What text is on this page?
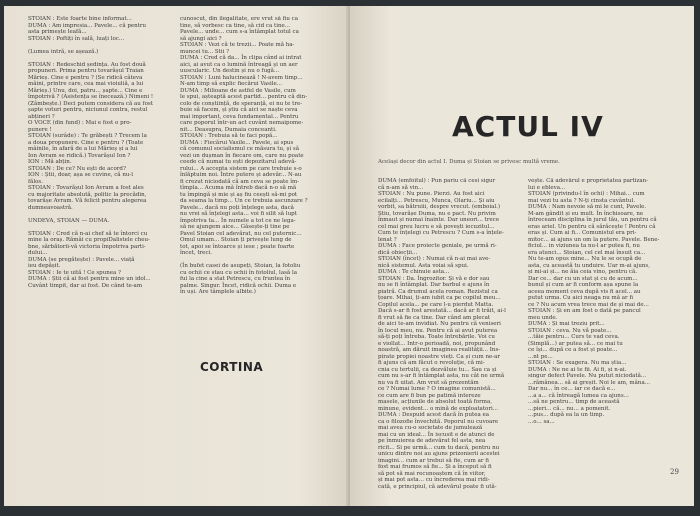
STOIAN : Este foarte bine informat...
DUMA : Am impresia... Pavele... că pentru
asta primește leafă...
STOIAN : Poftiți în sală, luați loc...
(Lumea intră, se așează.)
STOIAN : Redeschid ședința. Au fost două
propuneri. Prima pentru tovarășul Traian
Mărieș. Cine e pentru ? (Se ridică câteva
mâini, printre care, cea mai vioiuliă, a lui
Mărieș.) Unu, doi, patru... șapte... Cine e
împotrivă ? (Asistența se înecează.) Nimeni !
(Zâmbește.) Deci putem considera că au fost
șapte voturi pentru, niciunul contra, restul
abțineri ?
O VOCE (din fund) : Mai e fost o pro-
punere !
STOIAN (surâde) : Te grăbești ? Trecem la
a doua propunere. Cine e pentru ? (Toate
mâinile, în afară de a lui Mărieș și a lui
Ion Avram se ridică.) Tovarășul Ion ?
ION : Mă abțin.
STOIAN : De ce? Nu ești de acord?
ION : Știi, doar, așa se cuvine, că nu-l
fălos.
STOIAN : Tovarășul Ion Avram a fost ales
cu majoritate absolută, politic la precădin,
tovarășe Avram. Vă felicit pentru alegerea
dumneavoastră.
UNDEVA, STOIAN — DUMA.
STOIAN : Cred că n-ai chef să te întorci cu
mine la oraș. Rămâi cu propiDalistele cheu-
bne, sărbătorii-vă victoria împotriva parti-
dului...
DUMA (se pregătește) : Pavele... viață
ieu depășit.
STOIAN : Ie te uită ! Ce spunea ?
DUMA : Știi că ai fost pentru mine un idol...
Cuvânt timpit, dar ai fost. De când te-am
cunoscut, din ilegalitate, ere vrut să fiu ca
tine, să vorbesc ca tine, să cid ca tine...
Pavele... unde... cum s-a întâmplat totul ca
să ajungi aici ?
STOIAN : Vezi că te trezii... Poate mă ha-
muncei tu... Stii ?
DUMA : Cred că da... În clipa când ai intrat
aici, ai avut ca o lumină întreagă și un aer
uuscularic. Un destin și nu o fugă...
STOIAN : Luni halucinează ! N-avem timp...
N-am timp să explic fiecărui Vasile...
DUMA : Milioane de astfel de Vasile, cum
le spui, așteaptă acest partid... pentru că din-
colo de conștiință, de speranță, ei nu te tre-
buie să facem, și știu că aici se naște ceva
mai important, ceva fundamental... Pentru
care poporul într-un act cuvânt nemaipome-
nit... Deasupra, Dumaia conceanti.
STOIAN : Trebuia să te faci popă...
DUMA : Fiecărui Vasile... Pavele, ai spus
că comunul socialismul ce măsura tu, și să
vezi un dușman în fiecare om, care nu poate
ceede că numai tu ești depozitarul adevă-
rului... A accepta sistem pe care trebuie s-o
înlăptuim noi. Între putere și adevăr... N-au
fi crezut niciodată că am ceva se poate îm-
tîmpla... Acuma mă întreb dacă n-o să mă
tu împingă și mie și aș fiu ceești să-mi pot
da seama la timp... Un ce trebuia ascunzare ?
Pavele... dacă nu poți înțelege asta, dacă
nu vrei să înțelegi asta... voi fi silit să lupt
împotriva ta... În numele a tot ce ne lega-
să ne ajungem aice... Găsește-ți tine pe
Pavel Stoian cel adevărat, nu cel puternic...
Omul umam... Stoian ți privește lung de
tot, apoi se întoarce și iese ; poate foarte
încet, treci.
(În bufet casei de asupeți, Stoian, la fotoliu
cu ochii ce stau cu ochii în fotoliul, lasă la
fui la cine a stat Petrescu, cu fruntea în
palme. Singur. Încet, ridică ochii. Duma e
în uși. Are tâmplele albite.)
CORTINA
ACTUL IV
Același decor din actul I. Duma și Stoian se privesc multă vreme.
DUMA (emfoîtul) : Pun pariu că cesi sigur
că n-am să vin...
STOIAN : Nu pune. Pierzi. Au fost aici
ecilalți... Petrescu, Munca, Olariu... Și aiu
vorbit, sa bătruiii, despre vrecut. (emboial.)
Știu, tovarășe Duma, nu e pact. Nu privim
înmaut și numai înainte. Dar uneori... trece
cel mai greu lucru e să povești iecuzitul...
Cum te înțelegi cu Petrescu ? Cum s-a înțele-
lenat ?
DUMA : Face proiecte geniale, pe urmă ri-
dică obiecții...
STOIAN (încet) : Numai că n-ai mai ave-
nică sistemul. Asta voiai să spui.
DUMA : Te chinuie asta...
STOIAN : Da. Îngrozitor. Și vă e dor sau
nu se fi întâmplat. Dar barbul e ajuns în
piatră. Ca drumul acela roman. Rezistul ca
țoare. Mihai, ți-am iubit ca pe copilul meu...
Copilul acela... pe care l-u pierdut Matta.
Dacă s-ar fi fost arestată... dacă ar fi trăit, ai-l
fi vrut să fie ca tine. Dar când am plecat
de aici te-am invidiat. Nu pentru că veniseri
în locul meu, nu. Pentru că ai avut puterea
să-ți poți întreba. Toate întrebările. Voi cu
e viollat... Intr-o perioadă, noi, propunând
noastră, am dăruit imaginea realității... Ins-
pirate propiei noastre vieți. Ca și cum ne-ar
fi ajuns că am făcut o revoluție, că mi-
cnia cu tertulii, ca dezvăluie tu... Sau ca și
cum nu s-ar fi întâmplat asta, nu cât ne urmă
nu va fi uitat. Am vrut să prezentăm
ce ? Numai lume ? O imagine comunistă...
ce cum are fi bun pe patimă intereze
masele, acțiunile de absolut toată forma,
minune, evident... o mină de exploatatori...
DUMA : Despuid acest dacă în putea ea
ca o filozofie învechită. Poporul nu cuvoare
mai avea cu-o societate de jumulează
mai cu un ideal... În iscusit e de atunci de
pe înmuierea de adevărat fel asta, nea
ricit... Si pe urmă... cum tu dacă, pentru nu
unicu dintre noi au ajuns prizonierii acestei
imagini... cum ar trebui să fie, cum ar fi
fost mai frumos să fie... Și a început să fi
să pot să mai recunoaștem că în viitor,
și mai pot asta... cu încrederea mai ridi-
cată, e principiul, că adevărul poate fi ută-
vește. Că adevărul e proprietatea partizan-
lui e ebleva...
STOIAN (privindu-l în ochi) : Mihai... cum
mai vezi tu asta ? N-ți cinsta cuvântul.
DUMA : Nam nevoie să mi le cunt, Pavele.
M-am gândit și eu mult. În închisoare, ne
întreceam disciplina în jurul tău, un pentru că
eras ariel. Un pentru că sărăcește ! Pentru că
eras și. Cum ai fi... Comunistul era pri-
mitoc... ai ajuns un om la putere. Pavele. Bene-
ficiul... in viziunea ta nu-l ar putea fi, nu
era atunci... Stoian, cel cel mai însuit ca...
Nu te-am opus mine... Nu le se ocupă de
asta, cu această tu unduire. Uar m-ai ajuns,
și mi-ai și... ne ăia ceia vino, pentru că.
Dar ce... dar cu un stat și cu de acum...
bunul și cum ar fi conform așa spune la
aceea moment ceva după vis fi acel... au
putut urma. Cu aici neaga nu mă ar fi
ce ? Nu acum vrea trece mai de și mai de...
STOIAN : Și en am fost o dată pe pancul
meu unde.
DUMA : Și mai treziu prit...
STOIAN : ceva. Nu vă poate...
...tăie pentru... Curs te vad ceva.
(Simplă...) ar putea să... ce mai tu
ce își... după ce a fost și poate...
...nt pe...
STOIAN : Se exagera. Nu ma știa...
DUMA : Ne ne ai te fii. Ai fi, și n-ai.
singur defect Pavele. Nu putut niciodată...
...rămânea... să ai greșit. Noi le am, mâna...
Dar nu... în ce... iar ce dacă e...
...a a... că întreagă lumea ca ajuns...
...să ne pentru... timp de această
...pieri... că... nu... a pomenit.
...pus... după ea la un timp.
...o... sa...
29
